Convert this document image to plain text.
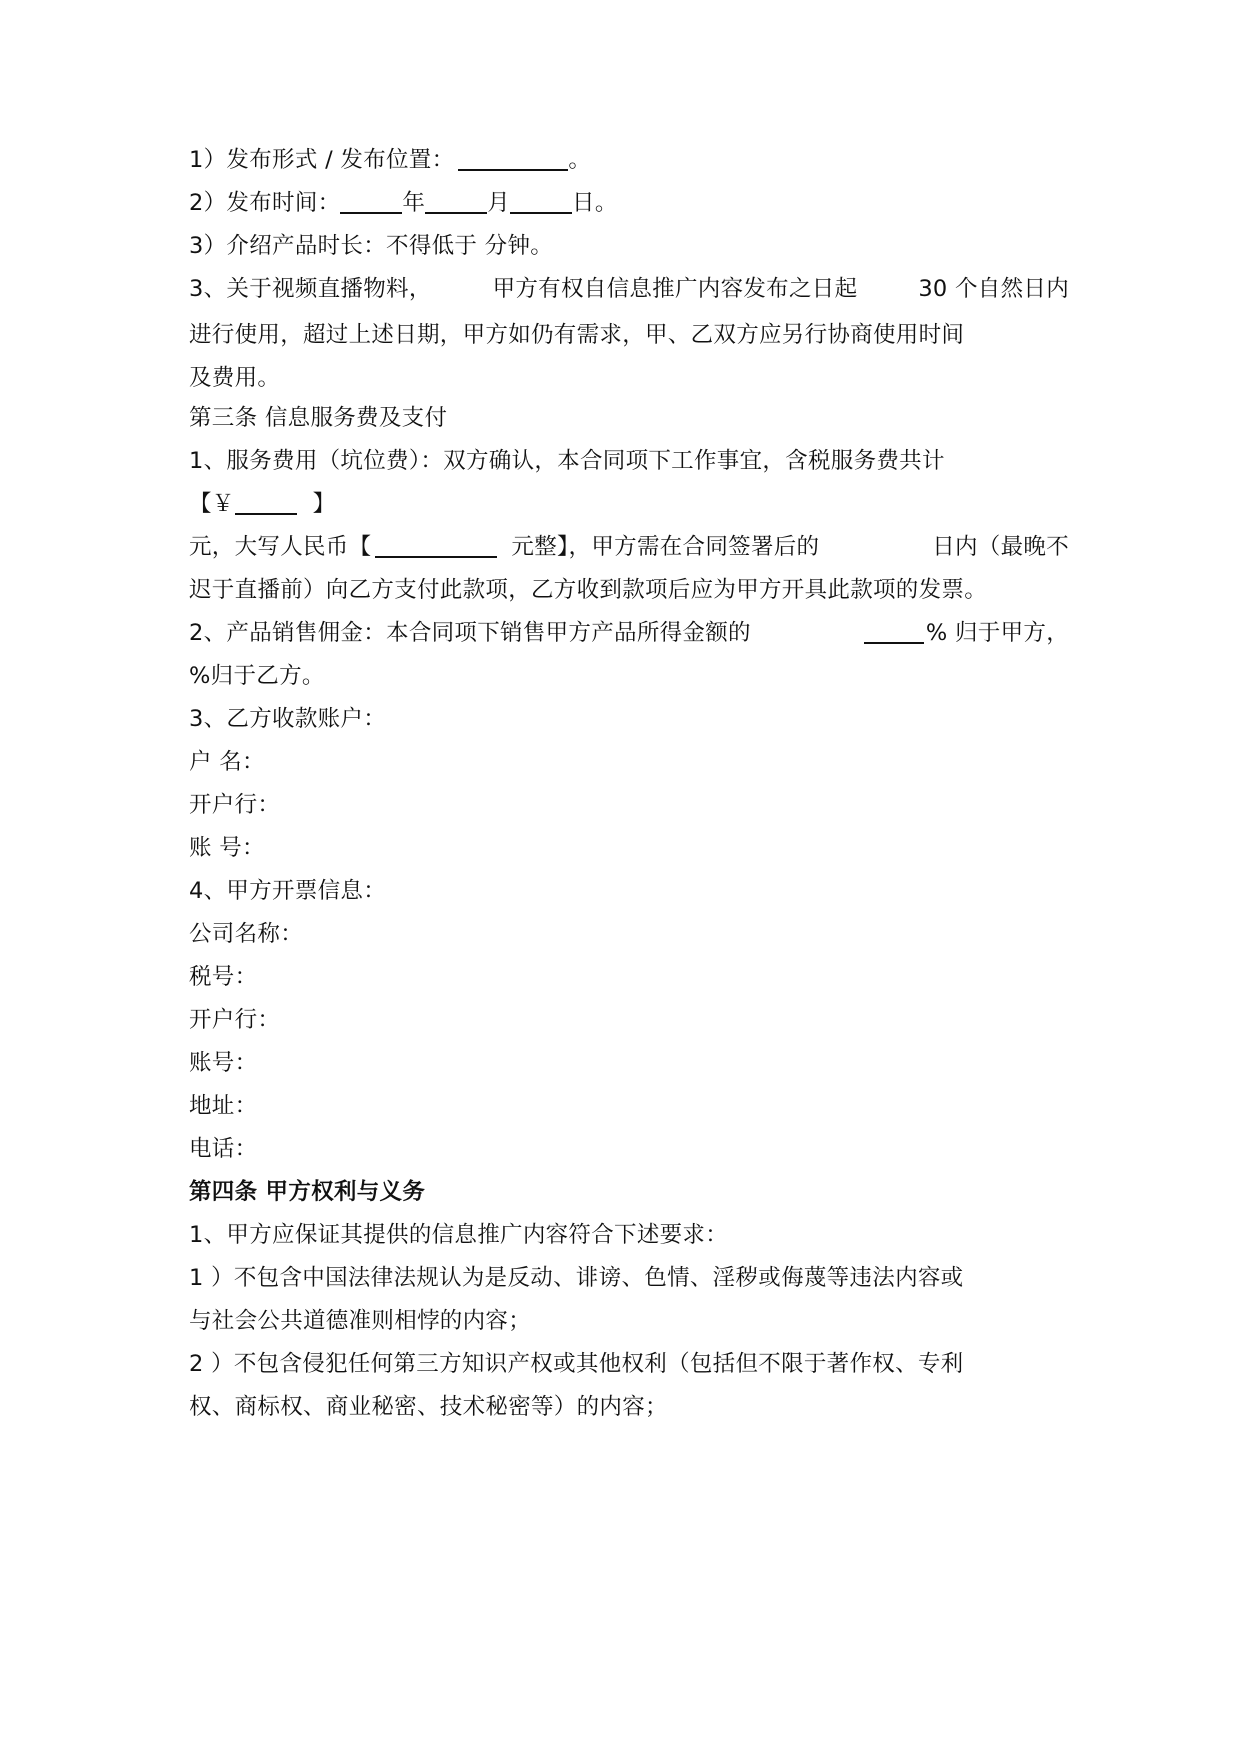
1）发布形式 / 发布位置：	。
2）发布时间：	年	月	日。
3）介绍产品时长：不得低于 分钟。
3、关于视频直播物料，	甲方有权自信息推广内容发布之日起	30 个自然日内
进行使用，超过上述日期，甲方如仍有需求，甲、乙双方应另行协商使用时间
及费用。
第三条 信息服务费及支付
1、服务费用（坑位费）：双方确认，本合同项下工作事宜，含税服务费共计
【￥	】
元，大写人民币【	元整】，甲方需在合同签署后的	日内（最晚不
迟于直播前）向乙方支付此款项，乙方收到款项后应为甲方开具此款项的发票。
2、产品销售佣金：本合同项下销售甲方产品所得金额的	% 归于甲方，
%归于乙方。
3、乙方收款账户：
户 名：
开户行：
账 号：
4、甲方开票信息：
公司名称：
税号：
开户行：
账号：
地址：
电话：
第四条 甲方权利与义务
1、甲方应保证其提供的信息推广内容符合下述要求：
1 ）不包含中国法律法规认为是反动、诽谤、色情、淫秽或侮蔑等违法内容或
与社会公共道德准则相悖的内容；
2 ）不包含侵犯任何第三方知识产权或其他权利（包括但不限于著作权、专利
权、商标权、商业秘密、技术秘密等）的内容；
